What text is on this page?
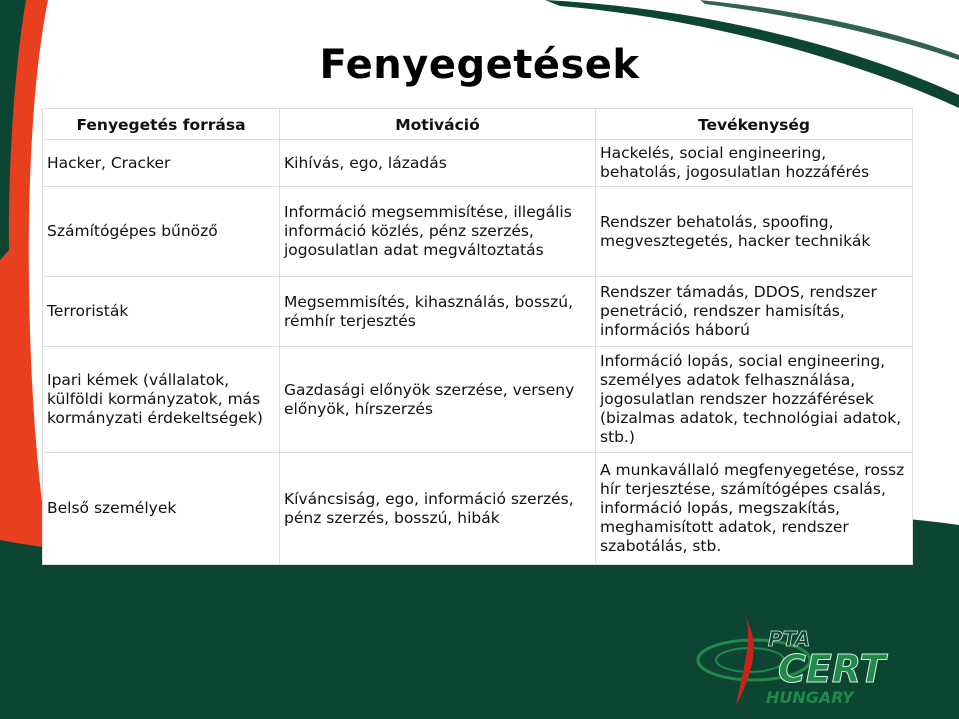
Fenyegetések
Fenyegetés forrása	Motiváció	Tevékenység
Hacker, Cracker	Kihívás, ego, lázadás	Hackelés, social engineering, behatolás, jogosulatlan hozzáférés
Számítógépes bűnöző	Információ megsemmisítése, illegális információ közlés, pénz szerzés, jogosulatlan adat megváltoztatás	Rendszer behatolás, spoofing, megvesztegetés, hacker technikák
Terroristák	Megsemmisítés, kihasználás, bosszú, rémhír terjesztés	Rendszer támadás, DDOS, rendszer penetráció, rendszer hamisítás, információs háború
Ipari kémek (vállalatok, külföldi kormányzatok, más kormányzati érdekeltségek)	Gazdasági előnyök szerzése, verseny előnyök, hírszerzés	Információ lopás, social engineering, személyes adatok felhasználása, jogosulatlan rendszer hozzáférések (bizalmas adatok, technológiai adatok, stb.)
Belső személyek	Kíváncsiság, ego, információ szerzés, pénz szerzés, bosszú, hibák	A munkavállaló megfenyegetése, rossz hír terjesztése, számítógépes csalás, információ lopás, megszakítás, meghamisított adatok, rendszer szabotálás, stb.
PTA
CERT
HUNGARY
